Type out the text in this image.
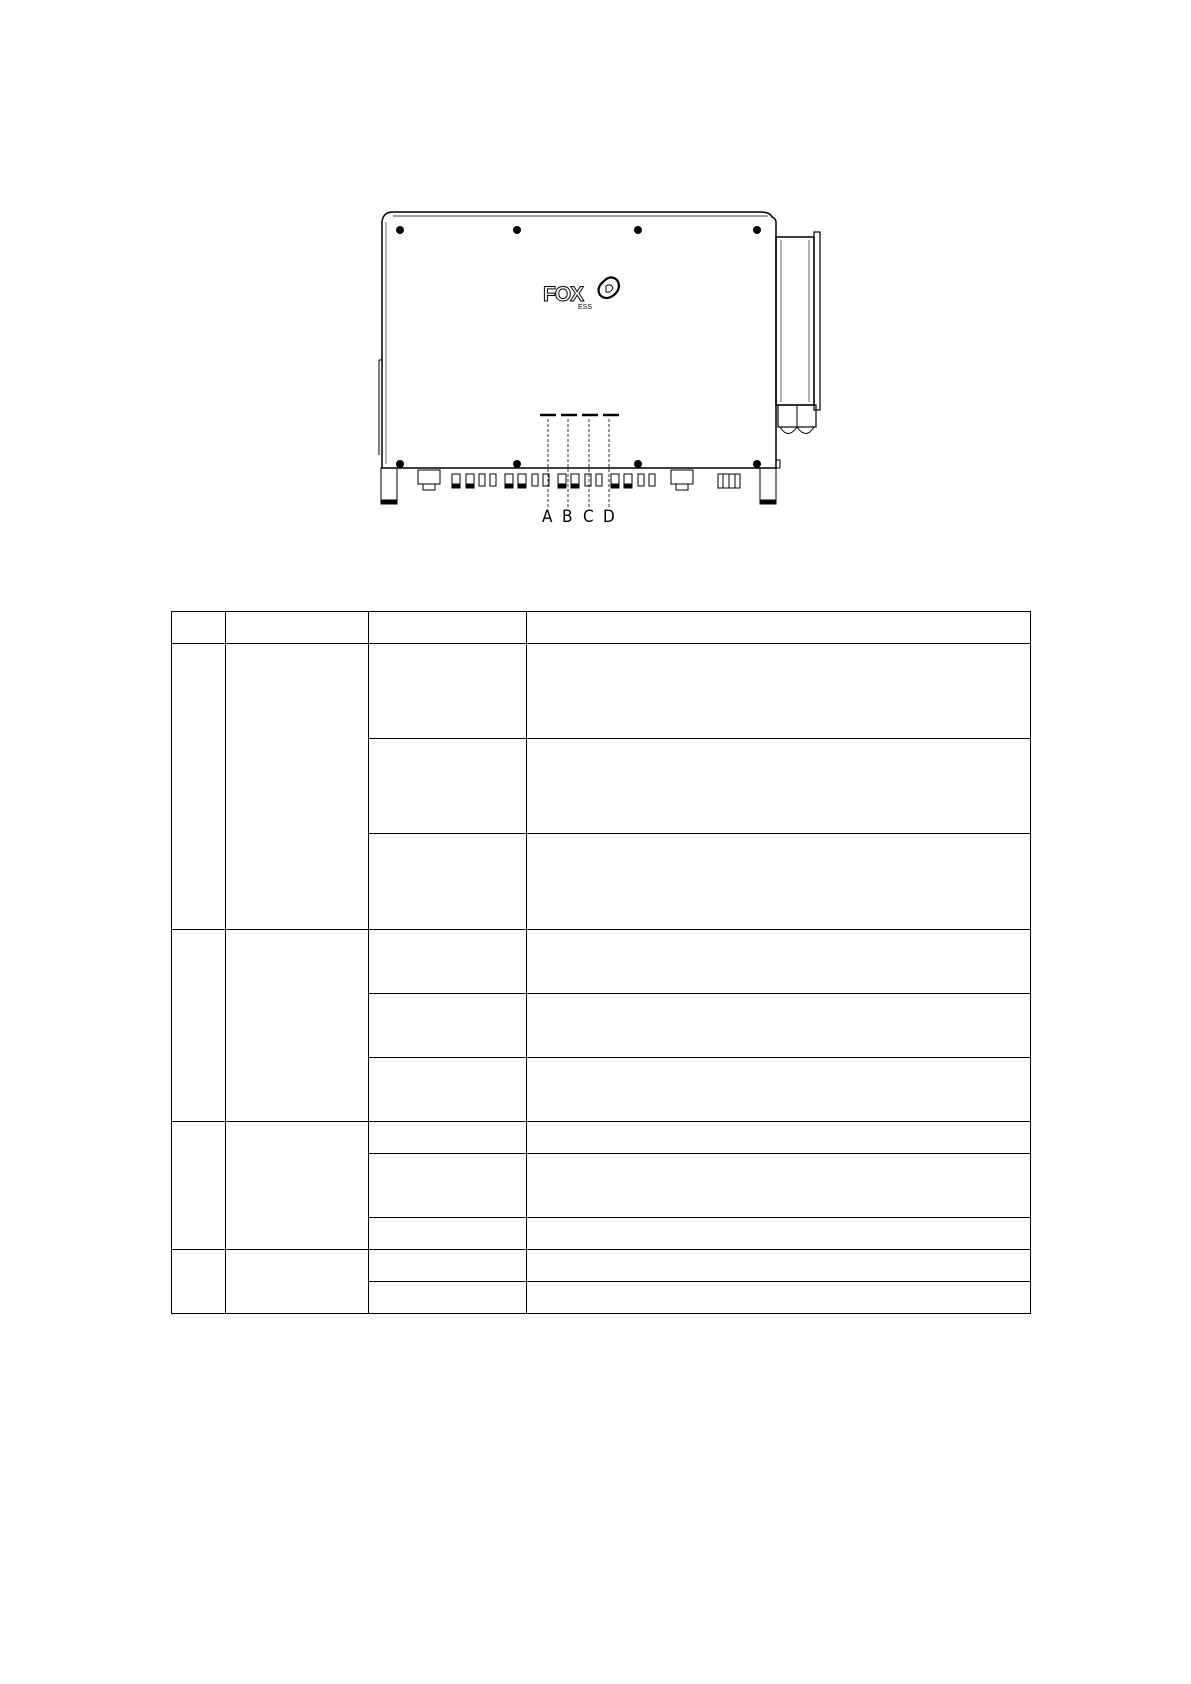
FOX
ESS
A B C D
